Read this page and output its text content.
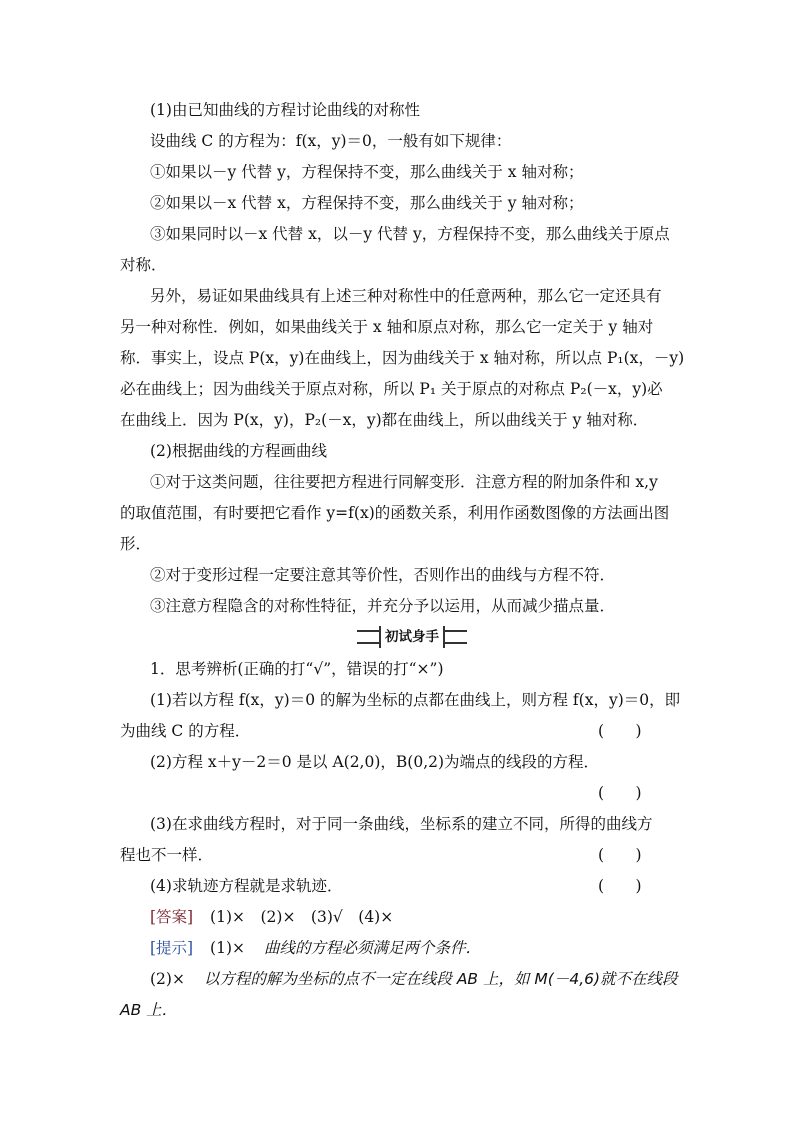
(1)由已知曲线的方程讨论曲线的对称性
设曲线 C 的方程为：f(x，y)＝0，一般有如下规律：
①如果以－y 代替 y，方程保持不变，那么曲线关于 x 轴对称；
②如果以－x 代替 x，方程保持不变，那么曲线关于 y 轴对称；
③如果同时以－x 代替 x，以－y 代替 y，方程保持不变，那么曲线关于原点
对称．
另外，易证如果曲线具有上述三种对称性中的任意两种，那么它一定还具有
另一种对称性．例如，如果曲线关于 x 轴和原点对称，那么它一定关于 y 轴对
称．事实上，设点 P(x，y)在曲线上，因为曲线关于 x 轴对称，所以点 P₁(x，－y)
必在曲线上；因为曲线关于原点对称，所以 P₁ 关于原点的对称点 P₂(－x，y)必
在曲线上．因为 P(x，y)，P₂(－x，y)都在曲线上，所以曲线关于 y 轴对称．
(2)根据曲线的方程画曲线
①对于这类问题，往往要把方程进行同解变形．注意方程的附加条件和 x,y
的取值范围，有时要把它看作 y=f(x)的函数关系，利用作函数图像的方法画出图
形．
②对于变形过程一定要注意其等价性，否则作出的曲线与方程不符．
③注意方程隐含的对称性特征，并充分予以运用，从而减少描点量．
初试身手
1．思考辨析(正确的打“√”，错误的打“×”)
(1)若以方程 f(x，y)＝0 的解为坐标的点都在曲线上，则方程 f(x，y)＝0，即
为曲线 C 的方程．	(　)
(2)方程 x＋y－2＝0 是以 A(2,0)，B(0,2)为端点的线段的方程．
(　)
(3)在求曲线方程时，对于同一条曲线，坐标系的建立不同，所得的曲线方
程也不一样．	(　)
(4)求轨迹方程就是求轨迹．	(　)
[答案] (1)×　(2)×　(3)√　(4)×
[提示] (1)× 曲线的方程必须满足两个条件．
(2)× 以方程的解为坐标的点不一定在线段 AB 上，如 M(－4,6)就不在线段
AB 上．
